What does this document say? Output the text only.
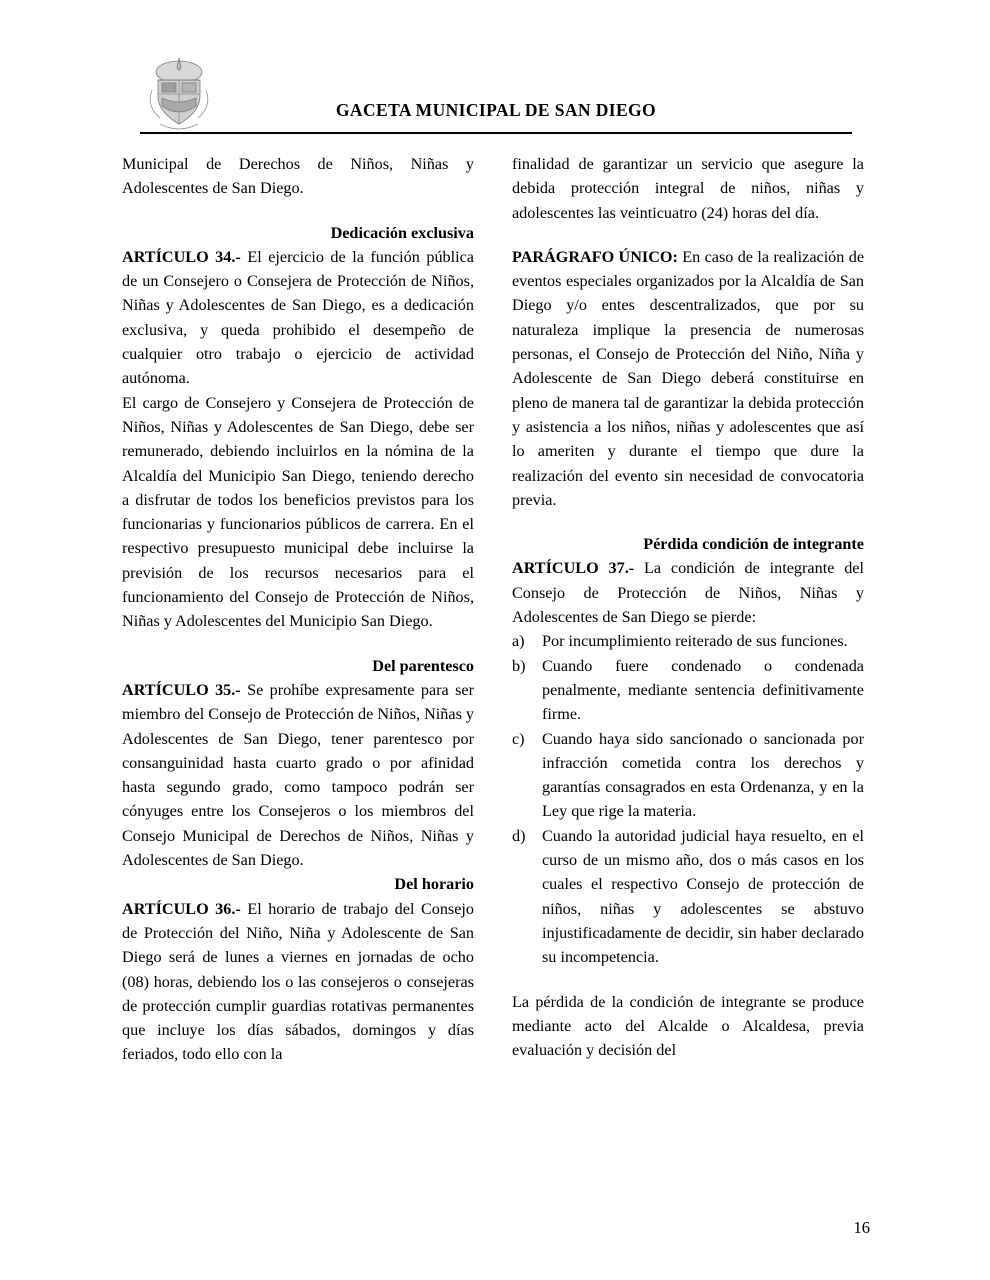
GACETA MUNICIPAL DE SAN DIEGO

Municipal de Derechos de Niños, Niñas y Adolescentes de San Diego.

Dedicación exclusiva

ARTÍCULO 34.- El ejercicio de la función pública de un Consejero o Consejera de Protección de Niños, Niñas y Adolescentes de San Diego, es a dedicación exclusiva, y queda prohibido el desempeño de cualquier otro trabajo o ejercicio de actividad autónoma.

El cargo de Consejero y Consejera de Protección de Niños, Niñas y Adolescentes de San Diego, debe ser remunerado, debiendo incluirlos en la nómina de la Alcaldía del Municipio San Diego, teniendo derecho a disfrutar de todos los beneficios previstos para los funcionarias y funcionarios públicos de carrera. En el respectivo presupuesto municipal debe incluirse la previsión de los recursos necesarios para el funcionamiento del Consejo de Protección de Niños, Niñas y Adolescentes del Municipio San Diego.

Del parentesco

ARTÍCULO 35.- Se prohíbe expresamente para ser miembro del Consejo de Protección de Niños, Niñas y Adolescentes de San Diego, tener parentesco por consanguinidad hasta cuarto grado o por afinidad hasta segundo grado, como tampoco podrán ser cónyuges entre los Consejeros o los miembros del Consejo Municipal de Derechos de Niños, Niñas y Adolescentes de San Diego.

Del horario

ARTÍCULO 36.- El horario de trabajo del Consejo de Protección del Niño, Niña y Adolescente de San Diego será de lunes a viernes en jornadas de ocho (08) horas, debiendo los o las consejeros o consejeras de protección cumplir guardias rotativas permanentes que incluye los días sábados, domingos y días feriados, todo ello con la

finalidad de garantizar un servicio que asegure la debida protección integral de niños, niñas y adolescentes las veinticuatro (24) horas del día.

PARÁGRAFO ÚNICO: En caso de la realización de eventos especiales organizados por la Alcaldía de San Diego y/o entes descentralizados, que por su naturaleza implique la presencia de numerosas personas, el Consejo de Protección del Niño, Niña y Adolescente de San Diego deberá constituirse en pleno de manera tal de garantizar la debida protección y asistencia a los niños, niñas y adolescentes que así lo ameriten y durante el tiempo que dure la realización del evento sin necesidad de convocatoria previa.

Pérdida condición de integrante

ARTÍCULO 37.- La condición de integrante del Consejo de Protección de Niños, Niñas y Adolescentes de San Diego se pierde:

a)	Por incumplimiento reiterado de sus funciones.
b)	Cuando fuere condenado o condenada penalmente, mediante sentencia definitivamente firme.
c)	Cuando haya sido sancionado o sancionada por infracción cometida contra los derechos y garantías consagrados en esta Ordenanza, y en la Ley que rige la materia.
d)	Cuando la autoridad judicial haya resuelto, en el curso de un mismo año, dos o más casos en los cuales el respectivo Consejo de protección de niños, niñas y adolescentes se abstuvo injustificadamente de decidir, sin haber declarado su incompetencia.

La pérdida de la condición de integrante se produce mediante acto del Alcalde o Alcaldesa, previa evaluación y decisión del

16
